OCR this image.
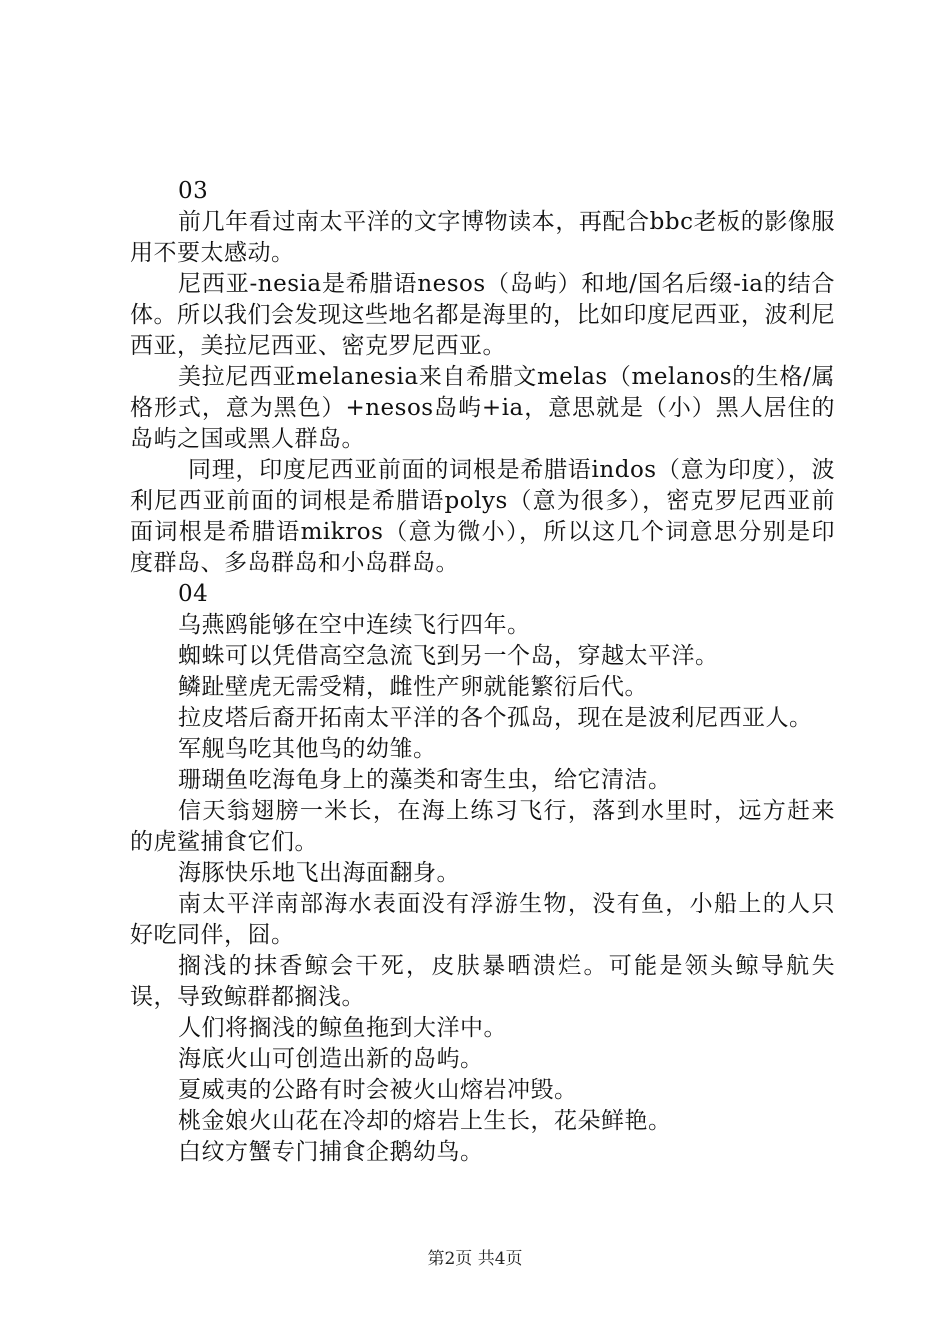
03

前几年看过南太平洋的文字博物读本，再配合bbc老板的影像服用不要太感动。

尼西亚-nesia是希腊语nesos（岛屿）和地/国名后缀-ia的结合体。所以我们会发现这些地名都是海里的，比如印度尼西亚，波利尼西亚，美拉尼西亚、密克罗尼西亚。

美拉尼西亚melanesia来自希腊文melas（melanos的生格/属格形式，意为黑色）+nesos岛屿+ia，意思就是（小）黑人居住的岛屿之国或黑人群岛。

同理，印度尼西亚前面的词根是希腊语indos（意为印度），波利尼西亚前面的词根是希腊语polys（意为很多），密克罗尼西亚前面词根是希腊语mikros（意为微小），所以这几个词意思分别是印度群岛、多岛群岛和小岛群岛。

04

乌燕鸥能够在空中连续飞行四年。

蜘蛛可以凭借高空急流飞到另一个岛，穿越太平洋。

鳞趾壁虎无需受精，雌性产卵就能繁衍后代。

拉皮塔后裔开拓南太平洋的各个孤岛，现在是波利尼西亚人。

军舰鸟吃其他鸟的幼雏。

珊瑚鱼吃海龟身上的藻类和寄生虫，给它清洁。

信天翁翅膀一米长，在海上练习飞行，落到水里时，远方赶来的虎鲨捕食它们。

海豚快乐地飞出海面翻身。

南太平洋南部海水表面没有浮游生物，没有鱼，小船上的人只好吃同伴，囧。

搁浅的抹香鲸会干死，皮肤暴晒溃烂。可能是领头鲸导航失误，导致鲸群都搁浅。

人们将搁浅的鲸鱼拖到大洋中。

海底火山可创造出新的岛屿。

夏威夷的公路有时会被火山熔岩冲毁。

桃金娘火山花在冷却的熔岩上生长，花朵鲜艳。

白纹方蟹专门捕食企鹅幼鸟。

第2页 共4页
